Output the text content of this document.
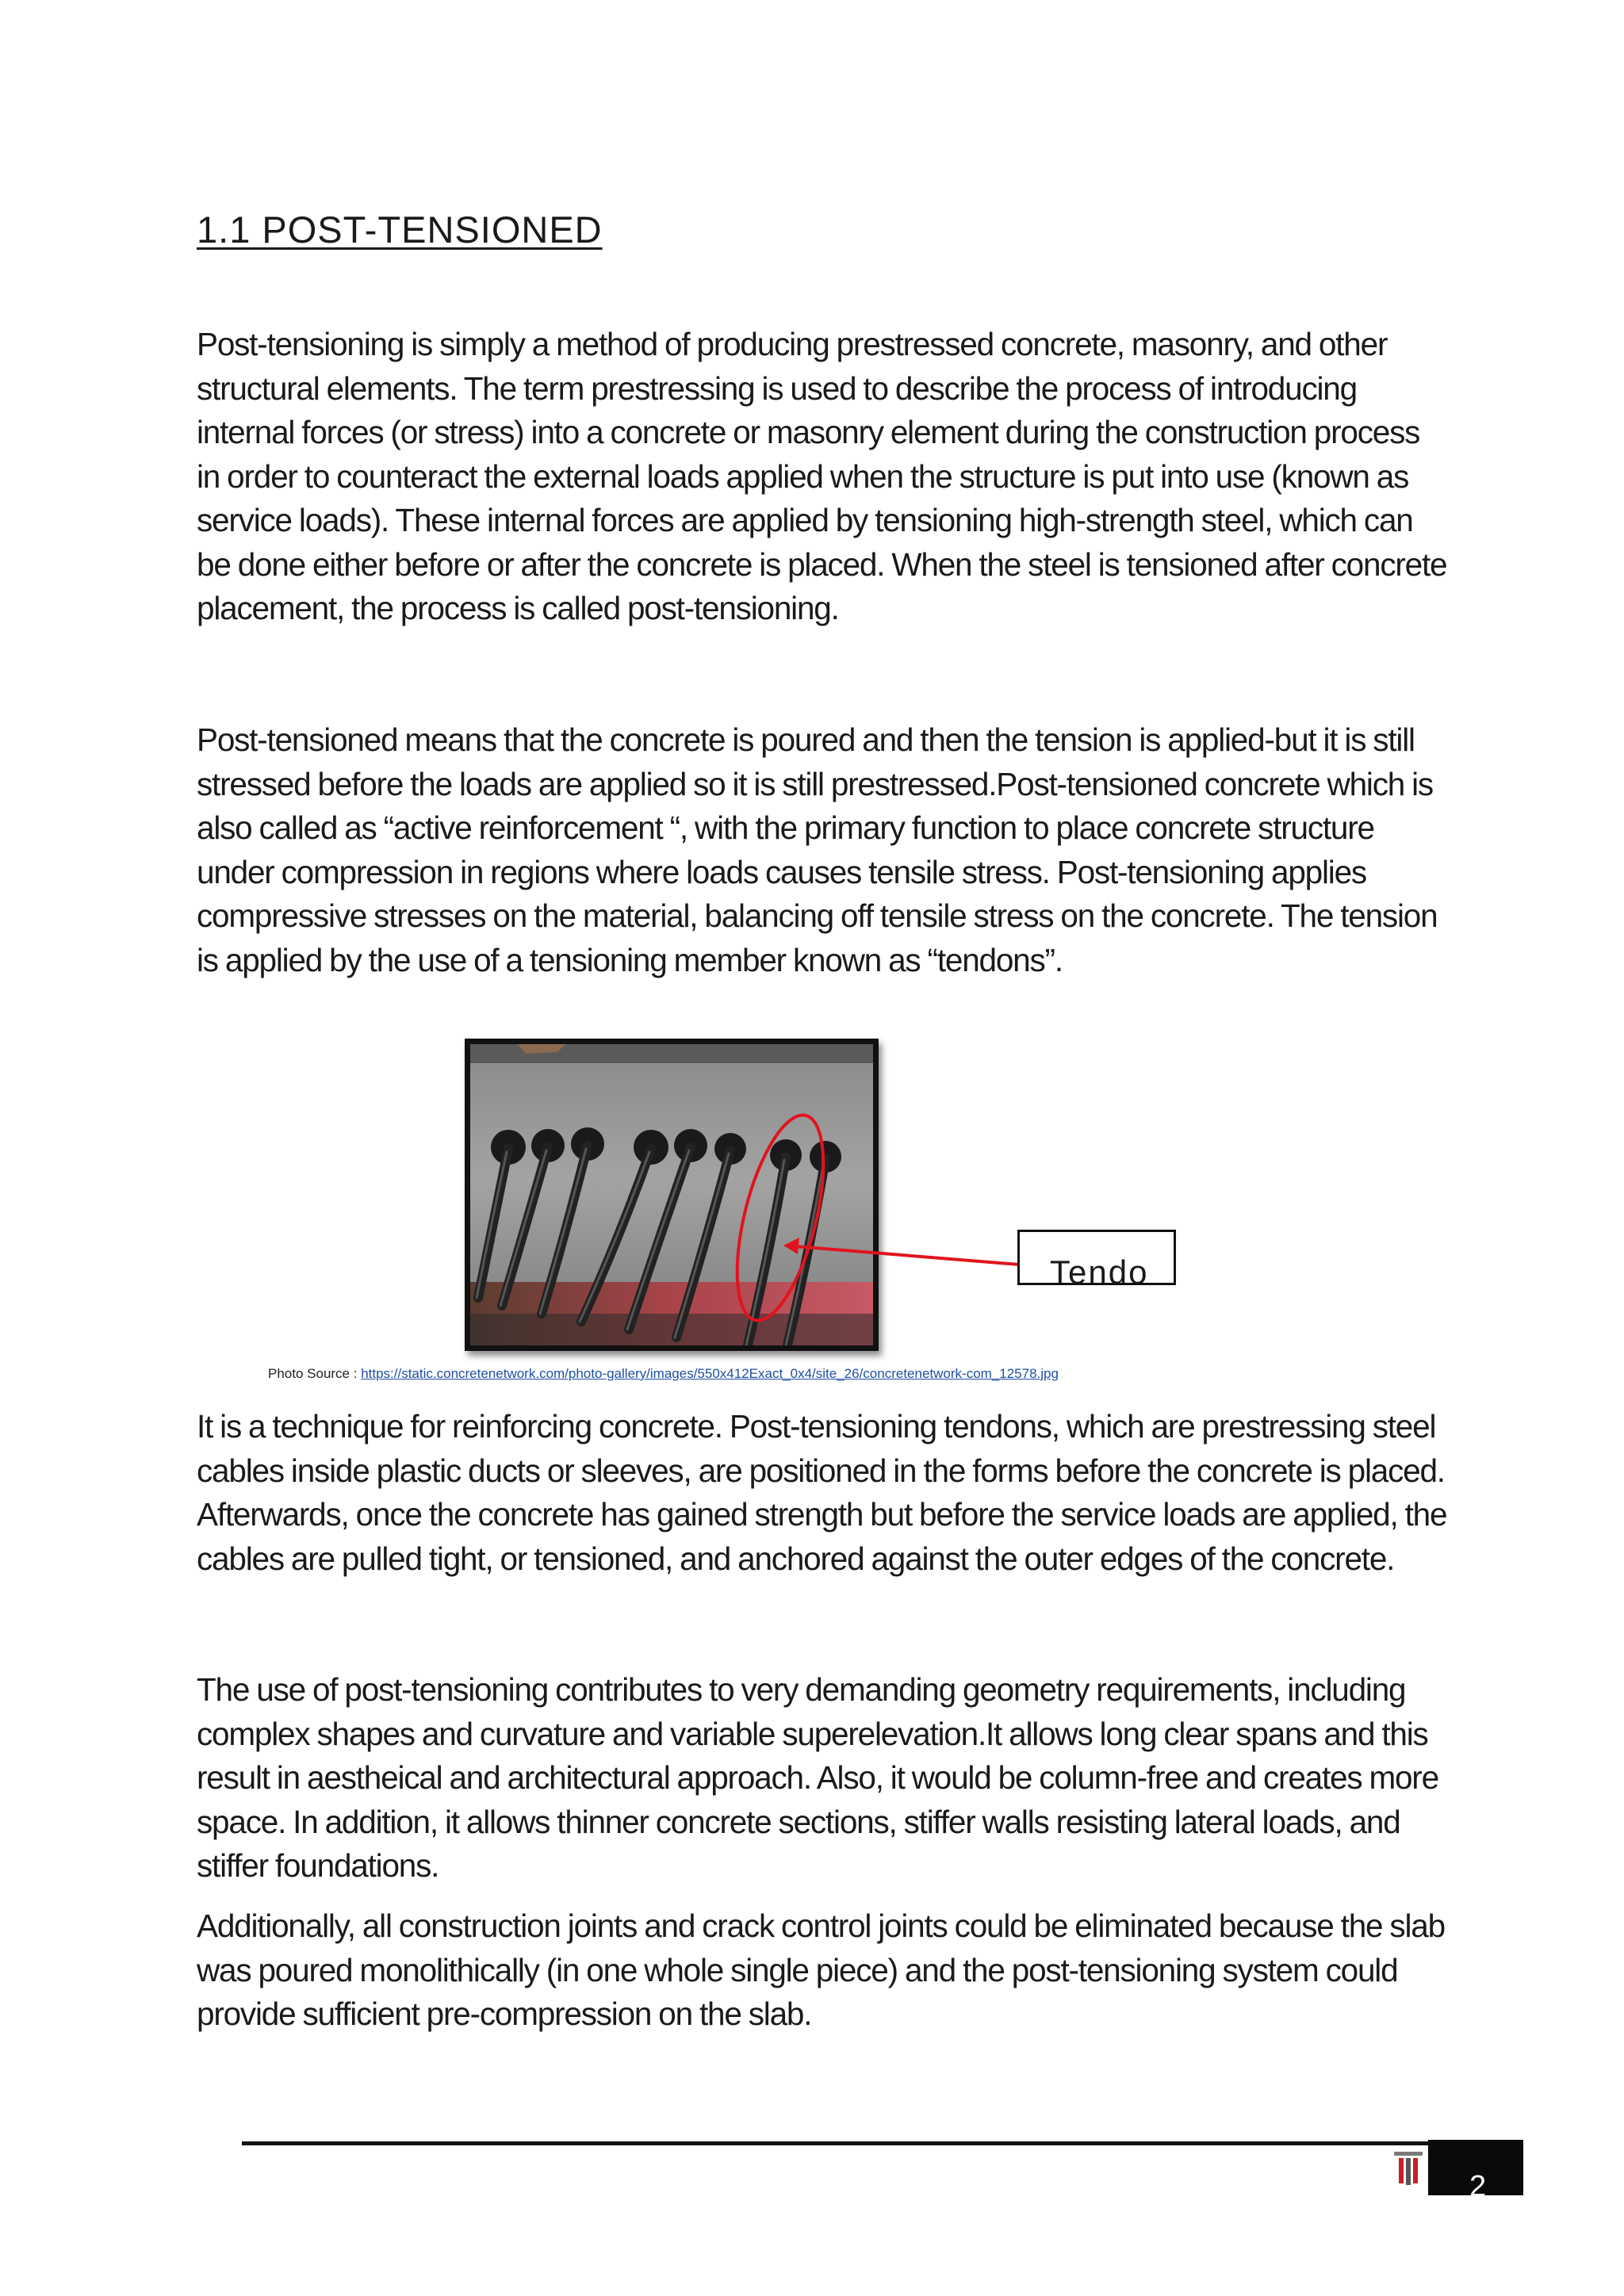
1.1 POST-TENSIONED

Post-tensioning is simply a method of producing prestressed concrete, masonry, and other structural elements. The term prestressing is used to describe the process of introducing internal forces (or stress) into a concrete or masonry element during the construction process in order to counteract the external loads applied when the structure is put into use (known as service loads). These internal forces are applied by tensioning high-strength steel, which can be done either before or after the concrete is placed. When the steel is tensioned after concrete placement, the process is called post-tensioning.

Post-tensioned means that the concrete is poured and then the tension is applied-but it is still stressed before the loads are applied so it is still prestressed.Post-tensioned concrete which is also called as “active reinforcement “, with the primary function to place concrete structure under compression in regions where loads causes tensile stress. Post-tensioning applies compressive stresses on the material, balancing off tensile stress on the concrete. The tension is applied by the use of a tensioning member known as “tendons”.

Tendo
Photo Source : https://static.concretenetwork.com/photo-gallery/images/550x412Exact_0x4/site_26/concretenetwork-com_12578.jpg

It is a technique for reinforcing concrete. Post-tensioning tendons, which are prestressing steel cables inside plastic ducts or sleeves, are positioned in the forms before the concrete is placed. Afterwards, once the concrete has gained strength but before the service loads are applied, the cables are pulled tight, or tensioned, and anchored against the outer edges of the concrete.

The use of post-tensioning contributes to very demanding geometry requirements, including complex shapes and curvature and variable superelevation.It allows long clear spans and this result in aestheical and architectural approach. Also, it would be column-free and creates more space. In addition, it allows thinner concrete sections, stiffer walls resisting lateral loads, and stiffer foundations.

Additionally, all construction joints and crack control joints could be eliminated because the slab was poured monolithically (in one whole single piece) and the post-tensioning system could provide sufficient pre-compression on the slab.

2
